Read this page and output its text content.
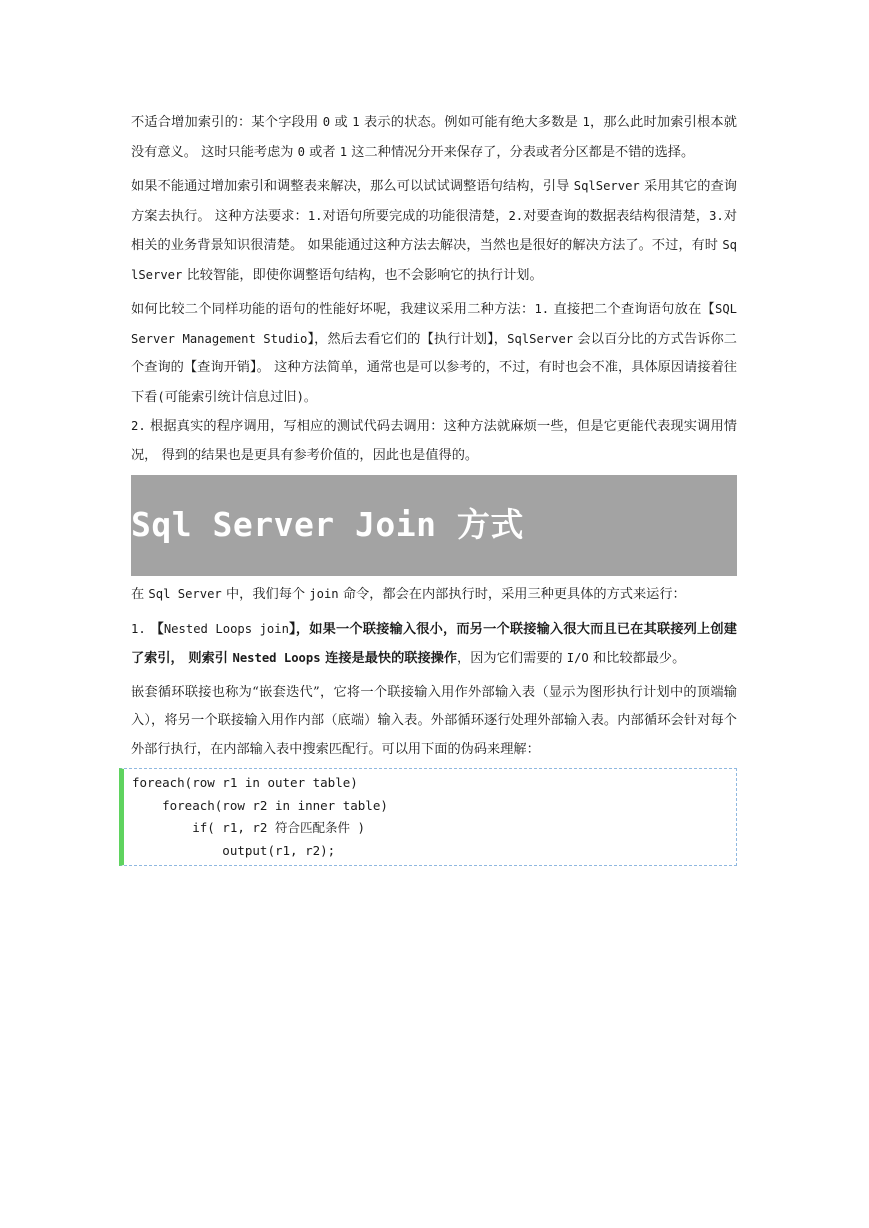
不适合增加索引的：某个字段用 0 或 1 表示的状态。例如可能有绝大多数是 1，那么此时加索引根本就没有意义。 这时只能考虑为 0 或者 1 这二种情况分开来保存了，分表或者分区都是不错的选择。

如果不能通过增加索引和调整表来解决，那么可以试试调整语句结构，引导 SqlServer 采用其它的查询方案去执行。 这种方法要求：1.对语句所要完成的功能很清楚，2.对要查询的数据表结构很清楚，3.对相关的业务背景知识很清楚。 如果能通过这种方法去解决，当然也是很好的解决方法了。不过，有时 SqlServer 比较智能，即使你调整语句结构，也不会影响它的执行计划。

如何比较二个同样功能的语句的性能好坏呢，我建议采用二种方法：1. 直接把二个查询语句放在【SQL Server Management Studio】，然后去看它们的【执行计划】，SqlServer 会以百分比的方式告诉你二个查询的【查询开销】。 这种方法简单，通常也是可以参考的，不过，有时也会不准，具体原因请接着往下看(可能索引统计信息过旧)。

2. 根据真实的程序调用，写相应的测试代码去调用：这种方法就麻烦一些，但是它更能代表现实调用情况， 得到的结果也是更具有参考价值的，因此也是值得的。

Sql Server Join 方式

在 Sql Server 中，我们每个 join 命令，都会在内部执行时，采用三种更具体的方式来运行：

1. 【Nested Loops join】，如果一个联接输入很小，而另一个联接输入很大而且已在其联接列上创建了索引， 则索引 Nested Loops 连接是最快的联接操作，因为它们需要的 I/O 和比较都最少。

嵌套循环联接也称为“嵌套迭代”，它将一个联接输入用作外部输入表（显示为图形执行计划中的顶端输入），将另一个联接输入用作内部（底端）输入表。外部循环逐行处理外部输入表。内部循环会针对每个外部行执行，在内部输入表中搜索匹配行。可以用下面的伪码来理解：

foreach(row r1 in outer table)
foreach(row r2 in inner table)
if( r1, r2 符合匹配条件 )
output(r1, r2);
